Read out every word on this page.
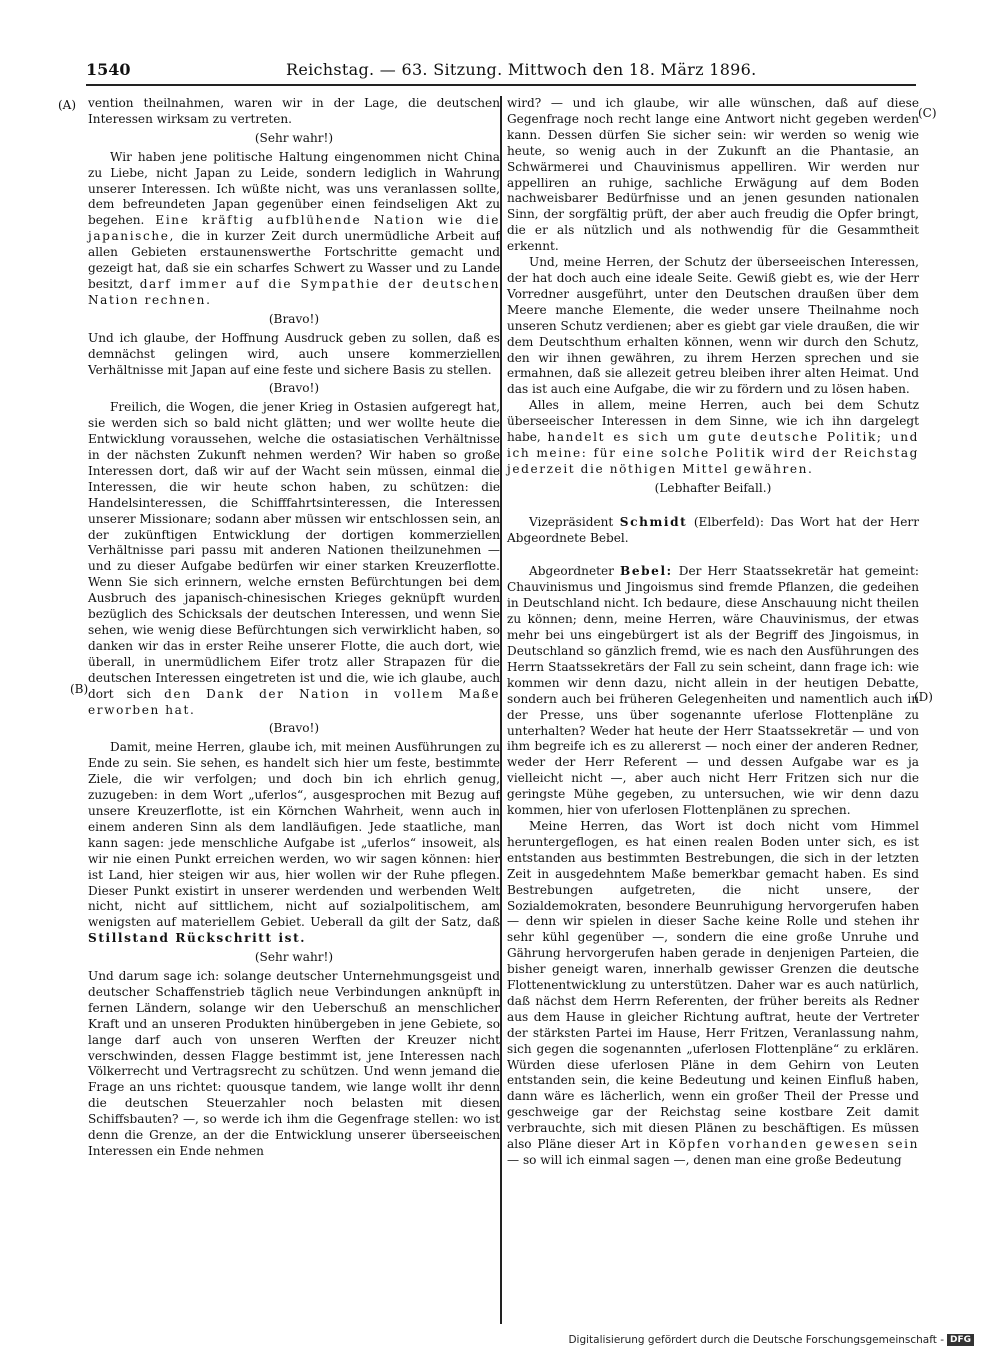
1540	Reichstag. — 63. Sitzung. Mittwoch den 18. März 1896.
(A)
(B)
(C)
(D)

vention theilnahmen, waren wir in der Lage, die deutschen Interessen wirksam zu vertreten.

(Sehr wahr!)

Wir haben jene politische Haltung eingenommen nicht China zu Liebe, nicht Japan zu Leide, sondern lediglich in Wahrung unserer Interessen. Ich wüßte nicht, was uns veranlassen sollte, dem befreundeten Japan gegenüber einen feindseligen Akt zu begehen. Eine kräftig aufblühende Nation wie die japanische, die in kurzer Zeit durch unermüdliche Arbeit auf allen Gebieten erstaunenswerthe Fortschritte gemacht und gezeigt hat, daß sie ein scharfes Schwert zu Wasser und zu Lande besitzt, darf immer auf die Sympathie der deutschen Nation rechnen.

(Bravo!)

Und ich glaube, der Hoffnung Ausdruck geben zu sollen, daß es demnächst gelingen wird, auch unsere kommerziellen Verhältnisse mit Japan auf eine feste und sichere Basis zu stellen.

(Bravo!)

Freilich, die Wogen, die jener Krieg in Ostasien aufgeregt hat, sie werden sich so bald nicht glätten; und wer wollte heute die Entwicklung voraussehen, welche die ostasiatischen Verhältnisse in der nächsten Zukunft nehmen werden? Wir haben so große Interessen dort, daß wir auf der Wacht sein müssen, einmal die Interessen, die wir heute schon haben, zu schützen: die Handelsinteressen, die Schifffahrtsinteressen, die Interessen unserer Missionare; sodann aber müssen wir entschlossen sein, an der zukünftigen Entwicklung der dortigen kommerziellen Verhältnisse pari passu mit anderen Nationen theilzunehmen — und zu dieser Aufgabe bedürfen wir einer starken Kreuzerflotte. Wenn Sie sich erinnern, welche ernsten Befürchtungen bei dem Ausbruch des japanisch-chinesischen Krieges geknüpft wurden bezüglich des Schicksals der deutschen Interessen, und wenn Sie sehen, wie wenig diese Befürchtungen sich verwirklicht haben, so danken wir das in erster Reihe unserer Flotte, die auch dort, wie überall, in unermüdlichem Eifer trotz aller Strapazen für die deutschen Interessen eingetreten ist und die, wie ich glaube, auch dort sich den Dank der Nation in vollem Maße erworben hat.

(Bravo!)

Damit, meine Herren, glaube ich, mit meinen Ausführungen zu Ende zu sein. Sie sehen, es handelt sich hier um feste, bestimmte Ziele, die wir verfolgen; und doch bin ich ehrlich genug, zuzugeben: in dem Wort „uferlos“, ausgesprochen mit Bezug auf unsere Kreuzerflotte, ist ein Körnchen Wahrheit, wenn auch in einem anderen Sinn als dem landläufigen. Jede staatliche, man kann sagen: jede menschliche Aufgabe ist „uferlos“ insoweit, als wir nie einen Punkt erreichen werden, wo wir sagen können: hier ist Land, hier steigen wir aus, hier wollen wir der Ruhe pflegen. Dieser Punkt existirt in unserer werdenden und werbenden Welt nicht, nicht auf sittlichem, nicht auf sozialpolitischem, am wenigsten auf materiellem Gebiet. Ueberall da gilt der Satz, daß Stillstand Rückschritt ist.

(Sehr wahr!)

Und darum sage ich: solange deutscher Unternehmungsgeist und deutscher Schaffenstrieb täglich neue Verbindungen anknüpft in fernen Ländern, solange wir den Ueberschuß an menschlicher Kraft und an unseren Produkten hinübergeben in jene Gebiete, so lange darf auch von unseren Werften der Kreuzer nicht verschwinden, dessen Flagge bestimmt ist, jene Interessen nach Völkerrecht und Vertragsrecht zu schützen. Und wenn jemand die Frage an uns richtet: quousque tandem, wie lange wollt ihr denn die deutschen Steuerzahler noch belasten mit diesen Schiffsbauten? —, so werde ich ihm die Gegenfrage stellen: wo ist denn die Grenze, an der die Entwicklung unserer überseeischen Interessen ein Ende nehmen

wird? — und ich glaube, wir alle wünschen, daß auf diese Gegenfrage noch recht lange eine Antwort nicht gegeben werden kann. Dessen dürfen Sie sicher sein: wir werden so wenig wie heute, so wenig auch in der Zukunft an die Phantasie, an Schwärmerei und Chauvinismus appelliren. Wir werden nur appelliren an ruhige, sachliche Erwägung auf dem Boden nachweisbarer Bedürfnisse und an jenen gesunden nationalen Sinn, der sorgfältig prüft, der aber auch freudig die Opfer bringt, die er als nützlich und als nothwendig für die Gesammtheit erkennt.

Und, meine Herren, der Schutz der überseeischen Interessen, der hat doch auch eine ideale Seite. Gewiß giebt es, wie der Herr Vorredner ausgeführt, unter den Deutschen draußen über dem Meere manche Elemente, die weder unsere Theilnahme noch unseren Schutz verdienen; aber es giebt gar viele draußen, die wir dem Deutschthum erhalten können, wenn wir durch den Schutz, den wir ihnen gewähren, zu ihrem Herzen sprechen und sie ermahnen, daß sie allezeit getreu bleiben ihrer alten Heimat. Und das ist auch eine Aufgabe, die wir zu fördern und zu lösen haben.

Alles in allem, meine Herren, auch bei dem Schutz überseeischer Interessen in dem Sinne, wie ich ihn dargelegt habe, handelt es sich um gute deutsche Politik; und ich meine: für eine solche Politik wird der Reichstag jederzeit die nöthigen Mittel gewähren.

(Lebhafter Beifall.)

Vizepräsident Schmidt (Elberfeld): Das Wort hat der Herr Abgeordnete Bebel.

Abgeordneter Bebel: Der Herr Staatssekretär hat gemeint: Chauvinismus und Jingoismus sind fremde Pflanzen, die gedeihen in Deutschland nicht. Ich bedaure, diese Anschauung nicht theilen zu können; denn, meine Herren, wäre Chauvinismus, der etwas mehr bei uns eingebürgert ist als der Begriff des Jingoismus, in Deutschland so gänzlich fremd, wie es nach den Ausführungen des Herrn Staatssekretärs der Fall zu sein scheint, dann frage ich: wie kommen wir denn dazu, nicht allein in der heutigen Debatte, sondern auch bei früheren Gelegenheiten und namentlich auch in der Presse, uns über sogenannte uferlose Flottenpläne zu unterhalten? Weder hat heute der Herr Staatssekretär — und von ihm begreife ich es zu allererst — noch einer der anderen Redner, weder der Herr Referent — und dessen Aufgabe war es ja vielleicht nicht —, aber auch nicht Herr Fritzen sich nur die geringste Mühe gegeben, zu untersuchen, wie wir denn dazu kommen, hier von uferlosen Flottenplänen zu sprechen.

Meine Herren, das Wort ist doch nicht vom Himmel heruntergeflogen, es hat einen realen Boden unter sich, es ist entstanden aus bestimmten Bestrebungen, die sich in der letzten Zeit in ausgedehntem Maße bemerkbar gemacht haben. Es sind Bestrebungen aufgetreten, die nicht unsere, der Sozialdemokraten, besondere Beunruhigung hervorgerufen haben — denn wir spielen in dieser Sache keine Rolle und stehen ihr sehr kühl gegenüber —, sondern die eine große Unruhe und Gährung hervorgerufen haben gerade in denjenigen Parteien, die bisher geneigt waren, innerhalb gewisser Grenzen die deutsche Flottenentwicklung zu unterstützen. Daher war es auch natürlich, daß nächst dem Herrn Referenten, der früher bereits als Redner aus dem Hause in gleicher Richtung auftrat, heute der Vertreter der stärksten Partei im Hause, Herr Fritzen, Veranlassung nahm, sich gegen die sogenannten „uferlosen Flottenpläne“ zu erklären. Würden diese uferlosen Pläne in dem Gehirn von Leuten entstanden sein, die keine Bedeutung und keinen Einfluß haben, dann wäre es lächerlich, wenn ein großer Theil der Presse und geschweige gar der Reichstag seine kostbare Zeit damit verbrauchte, sich mit diesen Plänen zu beschäftigen. Es müssen also Pläne dieser Art in Köpfen vorhanden gewesen sein — so will ich einmal sagen —, denen man eine große Bedeutung

Digitalisierung gefördert durch die Deutsche Forschungsgemeinschaft - DFG
